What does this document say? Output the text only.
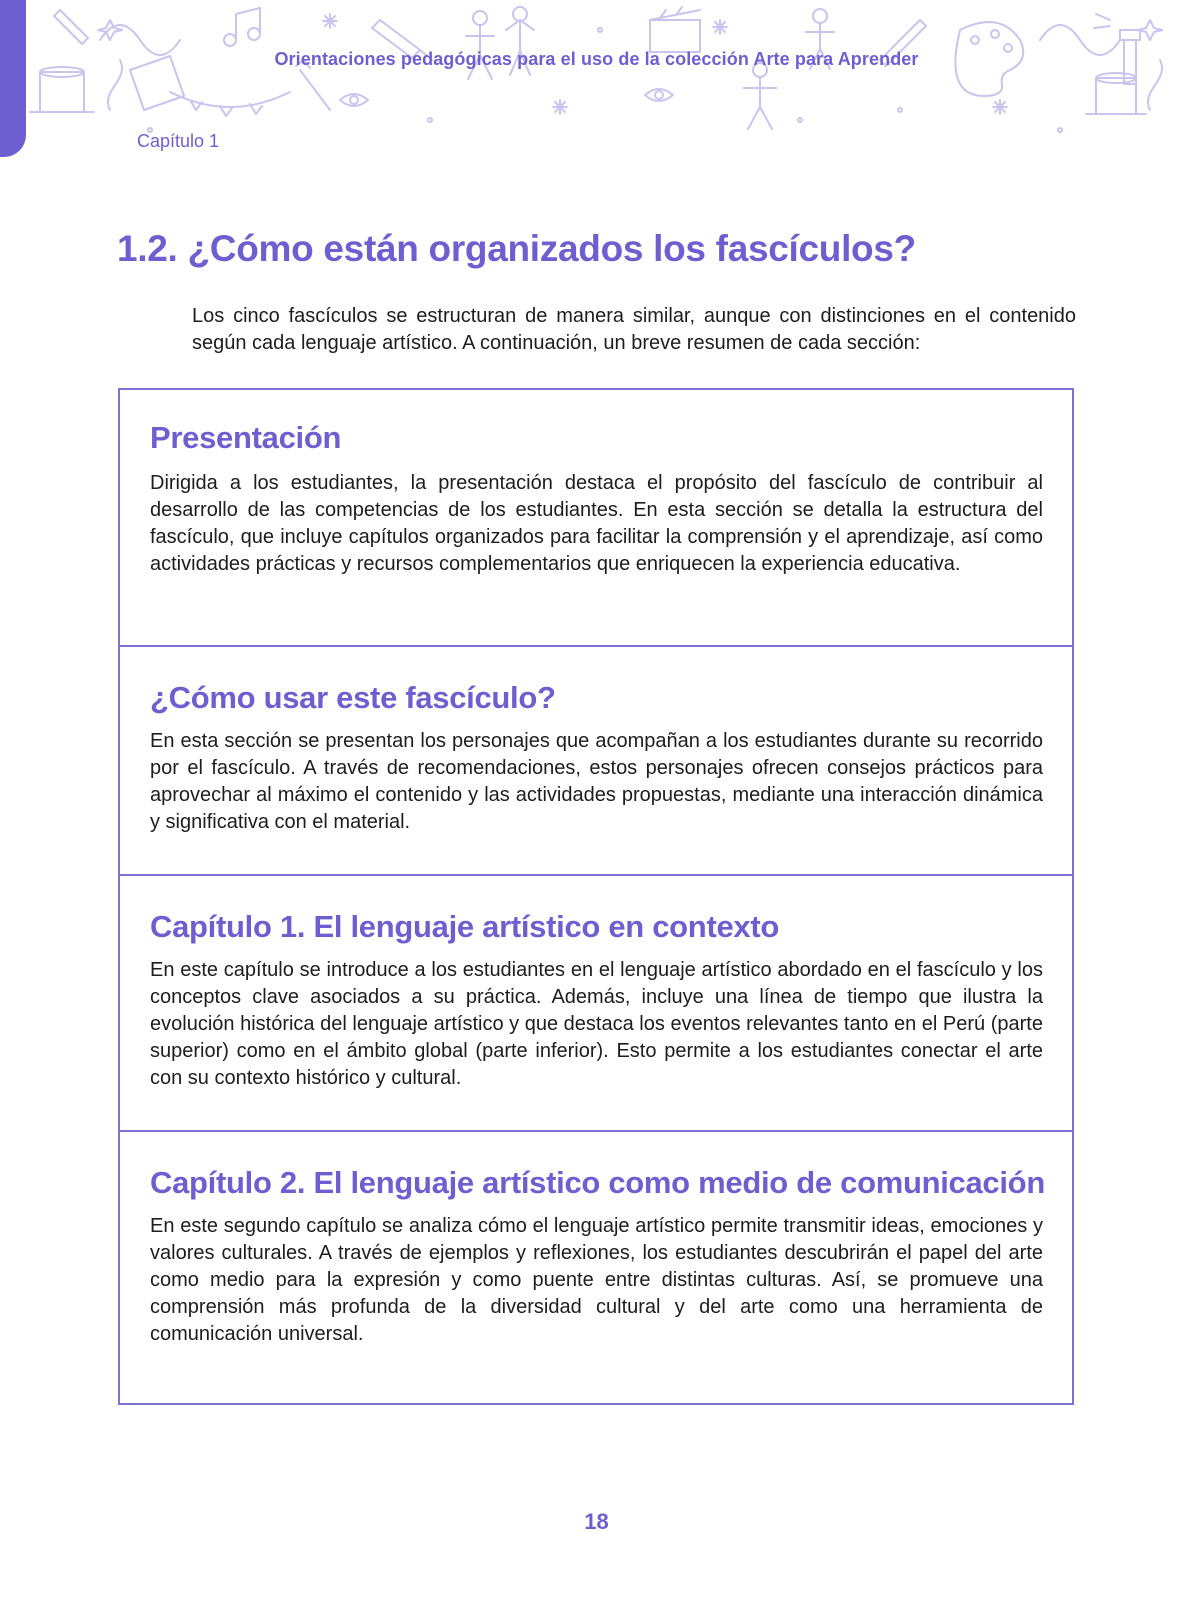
Orientaciones pedagógicas para el uso de la colección Arte para Aprender
Capítulo 1
1.2. ¿Cómo están organizados los fascículos?

Los cinco fascículos se estructuran de manera similar, aunque con distinciones en el contenido según cada lenguaje artístico. A continuación, un breve resumen de cada sección:

Presentación

Dirigida a los estudiantes, la presentación destaca el propósito del fascículo de contribuir al desarrollo de las competencias de los estudiantes. En esta sección se detalla la estructura del fascículo, que incluye capítulos organizados para facilitar la comprensión y el aprendizaje, así como actividades prácticas y recursos complementarios que enriquecen la experiencia educativa.

¿Cómo usar este fascículo?

En esta sección se presentan los personajes que acompañan a los estudiantes durante su recorrido por el fascículo. A través de recomendaciones, estos personajes ofrecen consejos prácticos para aprovechar al máximo el contenido y las actividades propuestas, mediante una interacción dinámica y significativa con el material.

Capítulo 1. El lenguaje artístico en contexto

En este capítulo se introduce a los estudiantes en el lenguaje artístico abordado en el fascículo y los conceptos clave asociados a su práctica. Además, incluye una línea de tiempo que ilustra la evolución histórica del lenguaje artístico y que destaca los eventos relevantes tanto en el Perú (parte superior) como en el ámbito global (parte inferior). Esto permite a los estudiantes conectar el arte con su contexto histórico y cultural.

Capítulo 2. El lenguaje artístico como medio de comunicación

En este segundo capítulo se analiza cómo el lenguaje artístico permite transmitir ideas, emociones y valores culturales. A través de ejemplos y reflexiones, los estudiantes descubrirán el papel del arte como medio para la expresión y como puente entre distintas culturas. Así, se promueve una comprensión más profunda de la diversidad cultural y del arte como una herramienta de comunicación universal.

18
